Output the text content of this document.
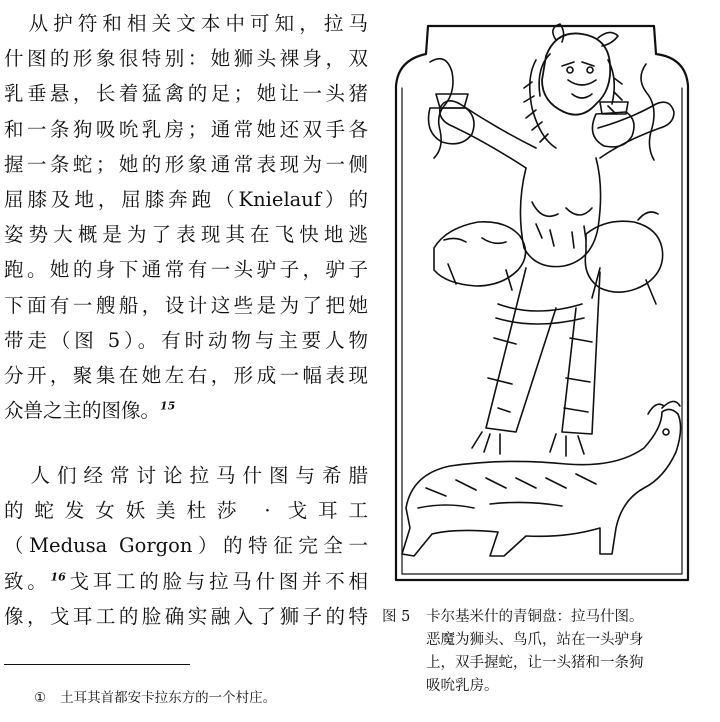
　从护符和相关文本中可知，拉马
什图的形象很特别：她狮头裸身，双
乳垂悬，长着猛禽的足；她让一头猪
和一条狗吸吮乳房；通常她还双手各
握一条蛇；她的形象通常表现为一侧
屈膝及地，屈膝奔跑（Knielauf）的
姿势大概是为了表现其在飞快地逃
跑。她的身下通常有一头驴子，驴子
下面有一艘船，设计这些是为了把她
带走（图 5）。有时动物与主要人物
分开，聚集在她左右，形成一幅表现
众兽之主的图像。$^{15}$
　人们经常讨论拉马什图与希腊
的蛇发女妖美杜莎 · 戈耳工
（Medusa Gorgon）的特征完全一
致。$^{16}$戈耳工的脸与拉马什图并不相
像，戈耳工的脸确实融入了狮子的特
① 土耳其首都安卡拉东方的一个村庄。
图 5 卡尔基米什的青铜盘：拉马什图。
恶魔为狮头、鸟爪，站在一头驴身
上，双手握蛇，让一头猪和一条狗
吸吮乳房。
